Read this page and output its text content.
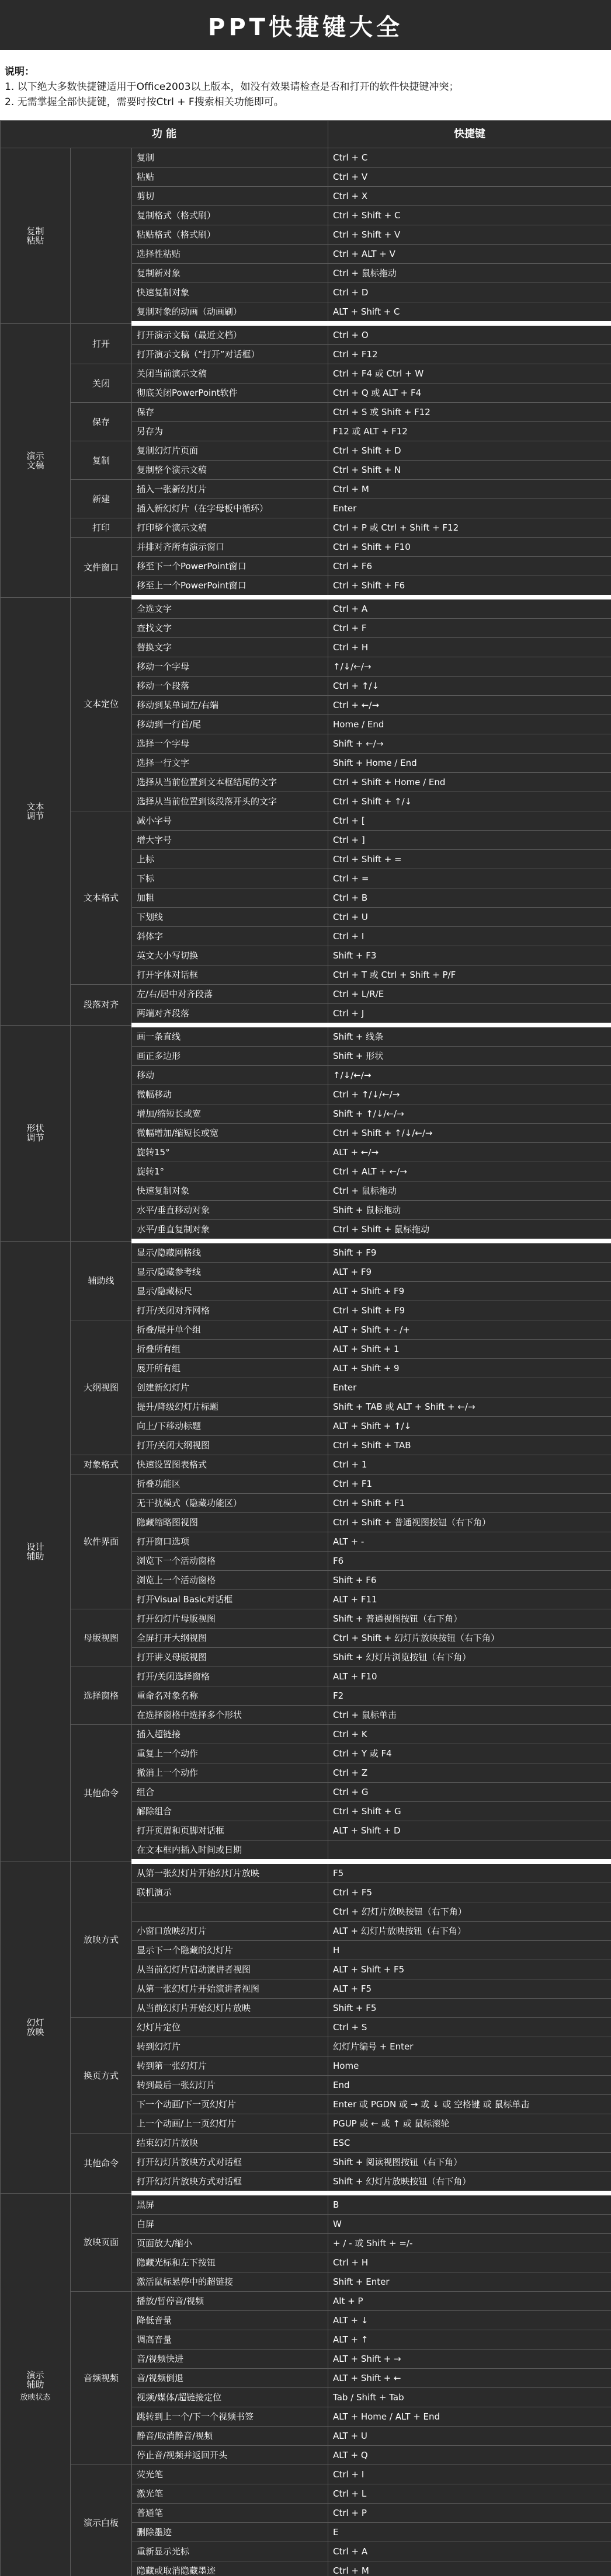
PPT快捷键大全
说明：
1. 以下绝大多数快捷键适用于Office2003以上版本，如没有效果请检查是否和打开的软件快捷键冲突；
2. 无需掌握全部快捷键，需要时按Ctrl + F搜索相关功能即可。
功 能			快捷键
复制粘贴		复制	Ctrl + C
		粘贴	Ctrl + V
		剪切	Ctrl + X
		复制格式（格式刷）	Ctrl + Shift + C
		粘贴格式（格式刷）	Ctrl + Shift + V
		选择性粘贴	Ctrl + ALT + V
		复制新对象	Ctrl + 鼠标拖动
		快速复制对象	Ctrl + D
		复制对象的动画（动画刷）	ALT + Shift + C
演示文稿	打开	打开演示文稿（最近文档）	Ctrl + O
		打开演示文稿（“打开”对话框）	Ctrl + F12
	关闭	关闭当前演示文稿	Ctrl + F4 或 Ctrl + W
		彻底关闭PowerPoint软件	Ctrl + Q 或 ALT + F4
	保存	保存	Ctrl + S 或 Shift + F12
		另存为	F12 或 ALT + F12
	复制	复制幻灯片页面	Ctrl + Shift + D
		复制整个演示文稿	Ctrl + Shift + N
	新建	插入一张新幻灯片	Ctrl + M
		插入新幻灯片（在字母板中循环）	Enter
	打印	打印整个演示文稿	Ctrl + P 或 Ctrl + Shift + F12
	文件窗口	并排对齐所有演示窗口	Ctrl + Shift + F10
		移至下一个PowerPoint窗口	Ctrl + F6
		移至上一个PowerPoint窗口	Ctrl + Shift + F6
文本调节	文本定位	全选文字	Ctrl + A
		查找文字	Ctrl + F
		替换文字	Ctrl + H
		移动一个字母	↑/↓/←/→
		移动一个段落	Ctrl + ↑/↓
		移动到某单词左/右端	Ctrl + ←/→
		移动到一行首/尾	Home / End
		选择一个字母	Shift + ←/→
		选择一行文字	Shift + Home / End
		选择从当前位置到文本框结尾的文字	Ctrl + Shift + Home / End
		选择从当前位置到该段落开头的文字	Ctrl + Shift + ↑/↓
	文本格式	减小字号	Ctrl + [
		增大字号	Ctrl + ]
		上标	Ctrl + Shift + =
		下标	Ctrl + =
		加粗	Ctrl + B
		下划线	Ctrl + U
		斜体字	Ctrl + I
		英文大小写切换	Shift + F3
		打开字体对话框	Ctrl + T 或 Ctrl + Shift + P/F
	段落对齐	左/右/居中对齐段落	Ctrl + L/R/E
		两端对齐段落	Ctrl + J
形状调节		画一条直线	Shift + 线条
		画正多边形	Shift + 形状
		移动	↑/↓/←/→
		微幅移动	Ctrl + ↑/↓/←/→
		增加/缩短长或宽	Shift + ↑/↓/←/→
		微幅增加/缩短长或宽	Ctrl + Shift + ↑/↓/←/→
		旋转15°	ALT + ←/→
		旋转1°	Ctrl + ALT + ←/→
		快速复制对象	Ctrl + 鼠标拖动
		水平/垂直移动对象	Shift + 鼠标拖动
		水平/垂直复制对象	Ctrl + Shift + 鼠标拖动
设计辅助	辅助线	显示/隐藏网格线	Shift + F9
		显示/隐藏参考线	ALT + F9
		显示/隐藏标尺	ALT + Shift + F9
		打开/关闭对齐网格	Ctrl + Shift + F9
	大纲视图	折叠/展开单个组	ALT + Shift + - /+
		折叠所有组	ALT + Shift + 1
		展开所有组	ALT + Shift + 9
		创建新幻灯片	Enter
		提升/降级幻灯片标题	Shift + TAB 或 ALT + Shift + ←/→
		向上/下移动标题	ALT + Shift + ↑/↓
		打开/关闭大纲视图	Ctrl + Shift + TAB
	对象格式	快速设置图表格式	Ctrl + 1
	软件界面	折叠功能区	Ctrl + F1
		无干扰模式（隐藏功能区）	Ctrl + Shift + F1
		隐藏缩略图视图	Ctrl + Shift + 普通视图按钮（右下角）
		打开窗口选项	ALT + -
		浏览下一个活动窗格	F6
		浏览上一个活动窗格	Shift + F6
		打开Visual Basic对话框	ALT + F11
	母版视图	打开幻灯片母版视图	Shift + 普通视图按钮（右下角）
		全屏打开大纲视图	Ctrl + Shift + 幻灯片放映按钮（右下角）
		打开讲义母版视图	Shift + 幻灯片浏览按钮（右下角）
	选择窗格	打开/关闭选择窗格	ALT + F10
		重命名对象名称	F2
		在选择窗格中选择多个形状	Ctrl + 鼠标单击
	其他命令	插入超链接	Ctrl + K
		重复上一个动作	Ctrl + Y 或 F4
		撤消上一个动作	Ctrl + Z
		组合	Ctrl + G
		解除组合	Ctrl + Shift + G
		打开页眉和页脚对话框	ALT + Shift + D
		在文本框内插入时间或日期	
幻灯放映	放映方式	从第一张幻灯片开始幻灯片放映	F5
		联机演示	Ctrl + F5
			Ctrl + 幻灯片放映按钮（右下角）
		小窗口放映幻灯片	ALT + 幻灯片放映按钮（右下角）
		显示下一个隐藏的幻灯片	H
		从当前幻灯片启动演讲者视图	ALT + Shift + F5
		从第一张幻灯片开始演讲者视图	ALT + F5
		从当前幻灯片开始幻灯片放映	Shift + F5
	换页方式	幻灯片定位	Ctrl + S
		转到幻灯片	幻灯片编号 + Enter
		转到第一张幻灯片	Home
		转到最后一张幻灯片	End
		下一个动画/下一页幻灯片	Enter 或 PGDN 或 → 或 ↓ 或 空格键 或 鼠标单击
		上一个动画/上一页幻灯片	PGUP 或 ← 或 ↑ 或 鼠标滚轮
	其他命令	结束幻灯片放映	ESC
		打开幻灯片放映方式对话框	Shift + 阅读视图按钮（右下角）
		打开幻灯片放映方式对话框	Shift + 幻灯片放映按钮（右下角）
演示辅助
放映状态	放映页面	黑屏	B
		白屏	W
		页面放大/缩小	+ / - 或 Shift + =/-
		隐藏光标和左下按钮	Ctrl + H
		激活鼠标悬停中的超链接	Shift + Enter
	音频视频	播放/暂停音/视频	Alt + P
		降低音量	ALT + ↓
		调高音量	ALT + ↑
		音/视频快进	ALT + Shift + →
		音/视频倒退	ALT + Shift + ←
		视频/媒体/超链接定位	Tab / Shift + Tab
		跳转到上一个/下一个视频书签	ALT + Home / ALT + End
		静音/取消静音/视频	ALT + U
		停止音/视频并返回开头	ALT + Q
	演示白板	荧光笔	Ctrl + I
		激光笔	Ctrl + L
		普通笔	Ctrl + P
		删除墨迹	E
		重新显示光标	Ctrl + A
		隐藏或取消隐藏墨迹	Ctrl + M
